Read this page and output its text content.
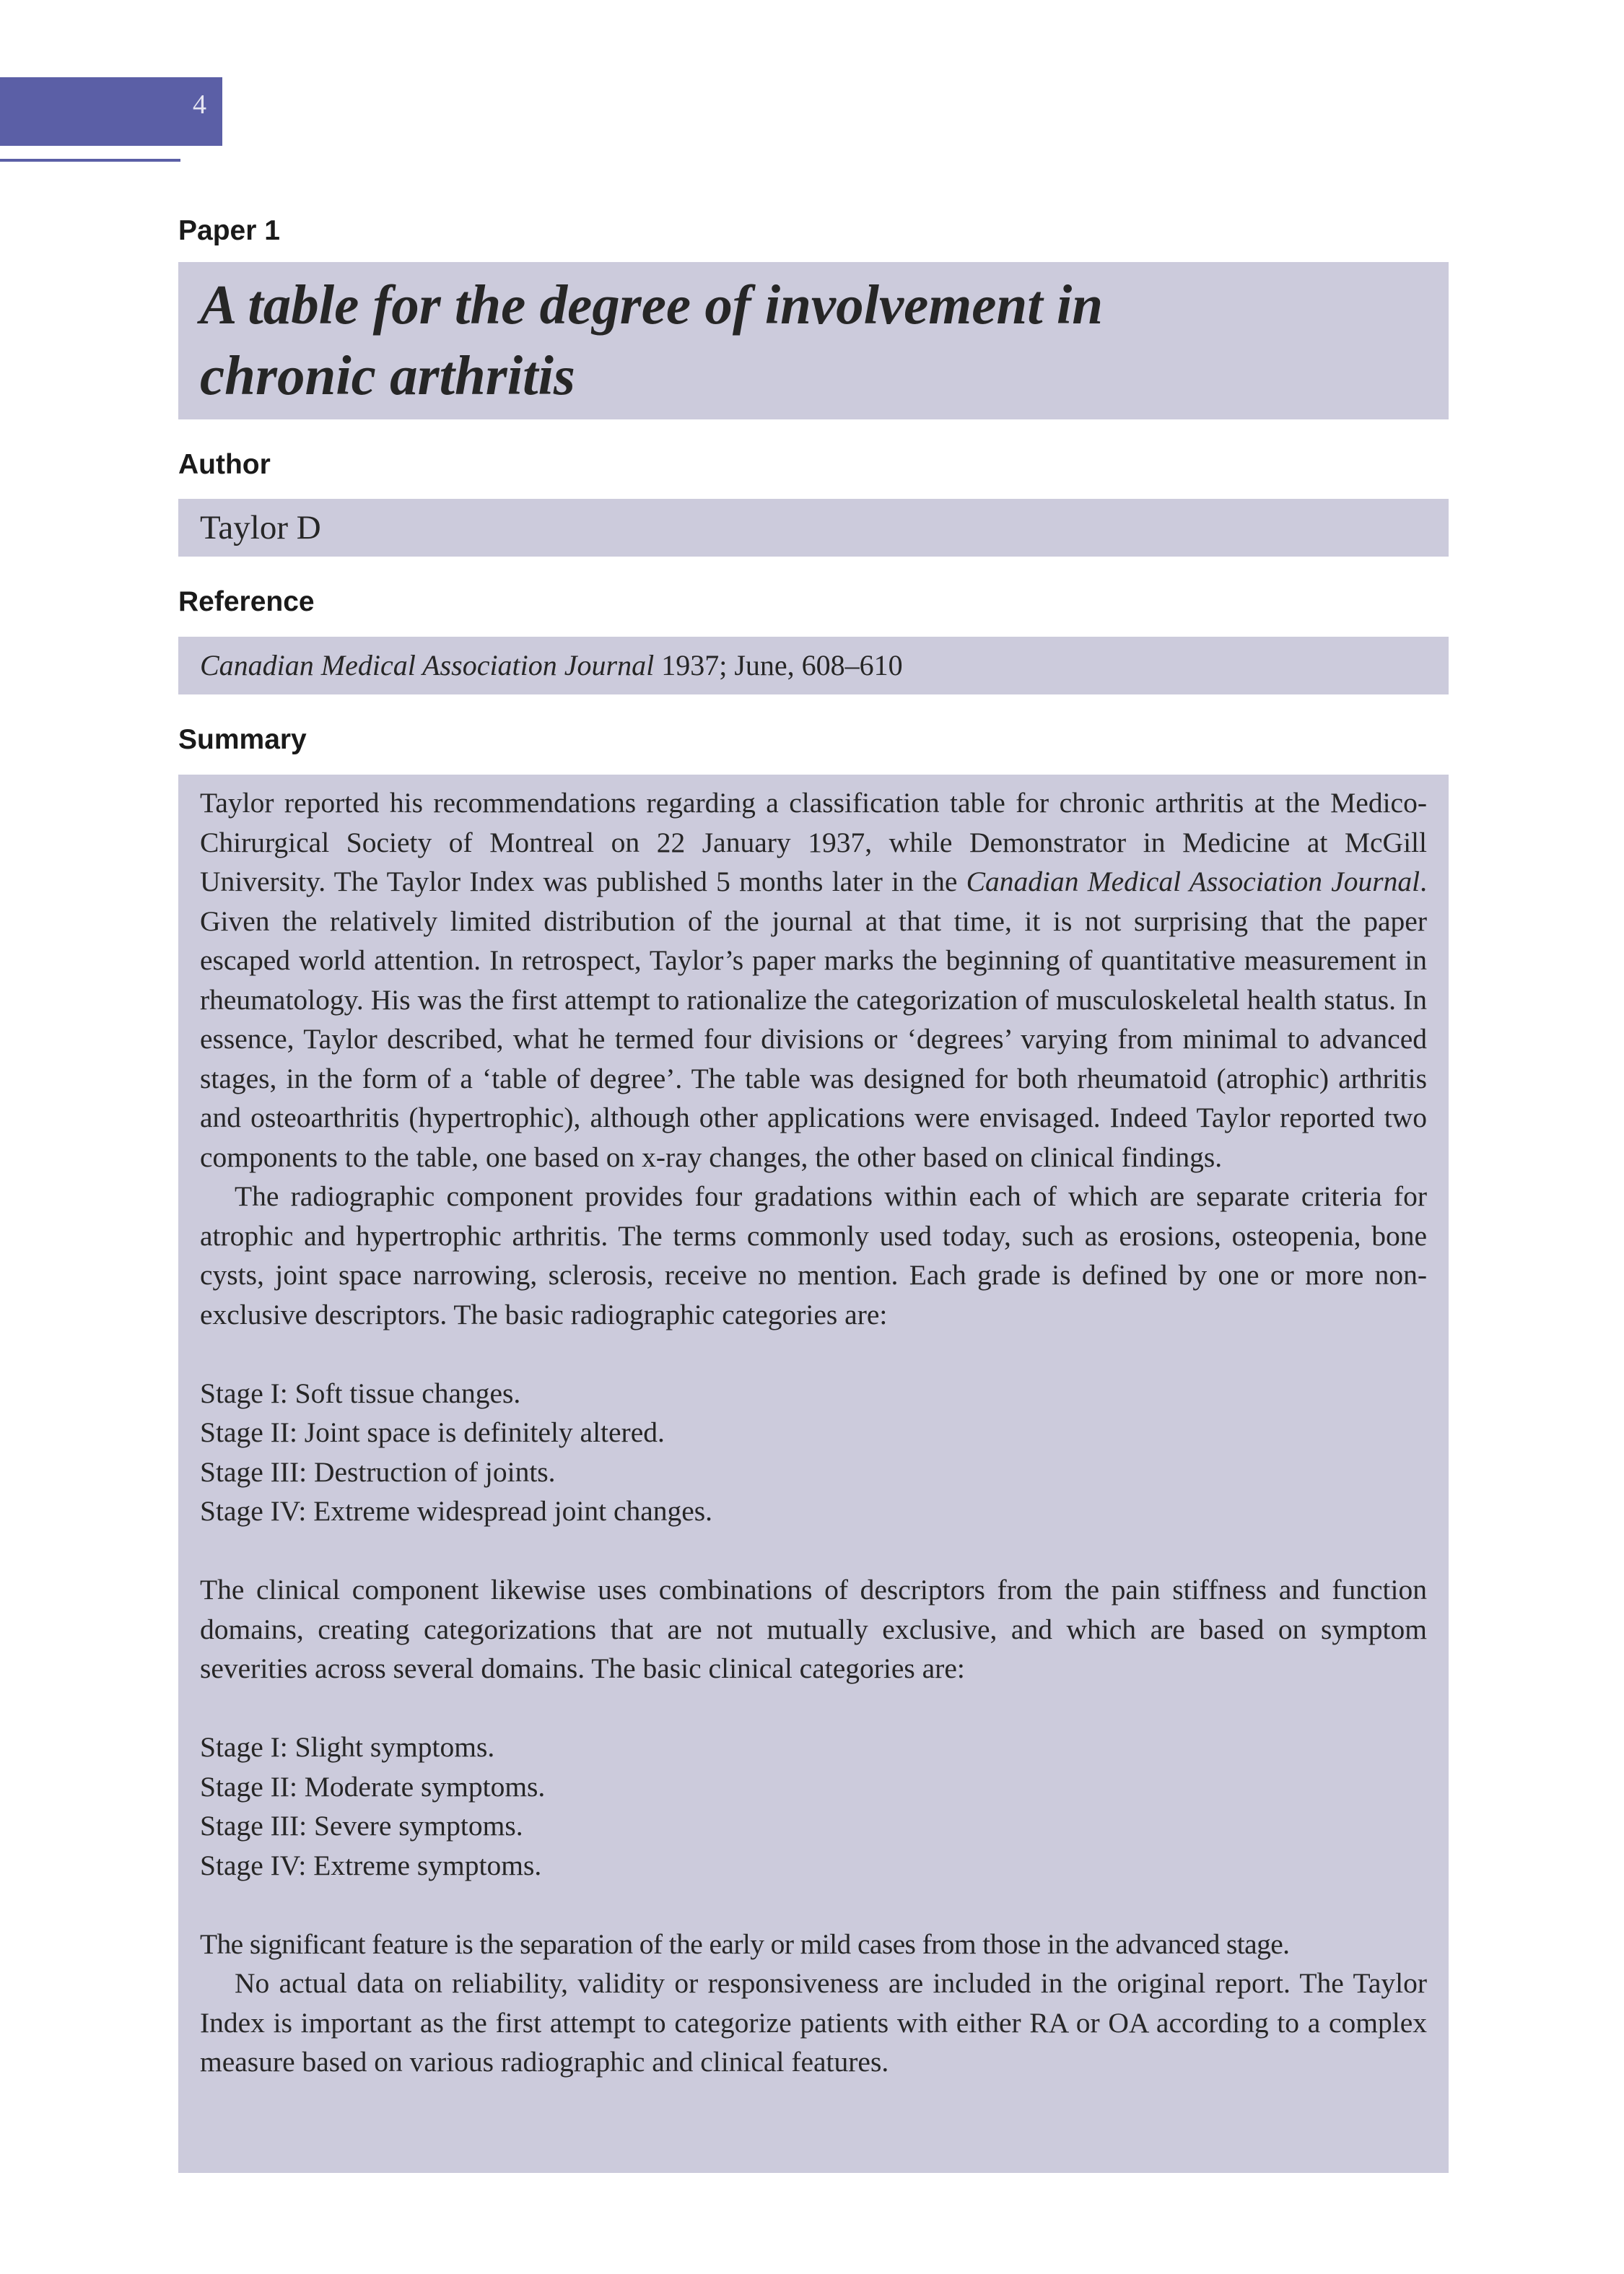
4
Paper 1
A table for the degree of involvement in
chronic arthritis
Author
Taylor D
Reference
Canadian Medical Association Journal 1937; June, 608–610
Summary

Taylor reported his recommendations regarding a classification table for chronic arthritis at the Medico-Chirurgical Society of Montreal on 22 January 1937, while Demonstrator in Medicine at McGill University. The Taylor Index was published 5 months later in the Canadian Medical Association Journal. Given the relatively limited distribution of the journal at that time, it is not surprising that the paper escaped world attention. In retrospect, Taylor’s paper marks the beginning of quantitative measurement in rheumatology. His was the first attempt to rationalize the categorization of musculoskeletal health status. In essence, Taylor described, what he termed four divisions or ‘degrees’ varying from minimal to advanced stages, in the form of a ‘table of degree’. The table was designed for both rheumatoid (atrophic) arthritis and osteoarthritis (hypertrophic), although other applications were envisaged. Indeed Taylor reported two components to the table, one based on x-ray changes, the other based on clinical findings.

The radiographic component provides four gradations within each of which are separate criteria for atrophic and hypertrophic arthritis. The terms commonly used today, such as erosions, osteopenia, bone cysts, joint space narrowing, sclerosis, receive no mention. Each grade is defined by one or more non-exclusive descriptors. The basic radiographic categories are:

Stage I: Soft tissue changes.
Stage II: Joint space is definitely altered.
Stage III: Destruction of joints.
Stage IV: Extreme widespread joint changes.

The clinical component likewise uses combinations of descriptors from the pain stiffness and function domains, creating categorizations that are not mutually exclusive, and which are based on symptom severities across several domains. The basic clinical categories are:

Stage I: Slight symptoms.
Stage II: Moderate symptoms.
Stage III: Severe symptoms.
Stage IV: Extreme symptoms.

The significant feature is the separation of the early or mild cases from those in the advanced stage.

No actual data on reliability, validity or responsiveness are included in the original report. The Taylor Index is important as the first attempt to categorize patients with either RA or OA according to a complex measure based on various radiographic and clinical features.
